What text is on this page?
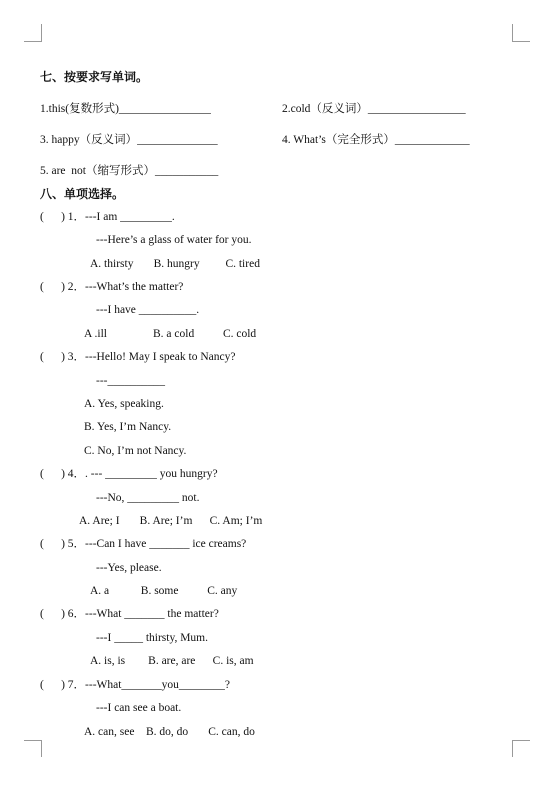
七、按要求写单词。
1.this(复数形式)________________	2.cold（反义词）_________________
3. happy（反义词）______________	4. What’s（完全形式）_____________
5. are  not（缩写形式）___________
八、单项选择。
(      ) 1．---I am _________.
---Here’s a glass of water for you.
A. thirsty       B. hungry         C. tired
(      ) 2．---What’s the matter?
---I have __________.
A .ill                B. a cold          C. cold
(      ) 3．---Hello! May I speak to Nancy?
---__________
A. Yes, speaking.
B. Yes, I’m Nancy.
C. No, I’m not Nancy.
(      ) 4．. --- _________ you hungry?
---No, _________ not.
A. Are; I       B. Are; I’m      C. Am; I’m
(      ) 5．---Can I have _______ ice creams?
---Yes, please.
A. a           B. some          C. any
(      ) 6．---What _______ the matter?
---I _____ thirsty, Mum.
A. is, is        B. are, are      C. is, am
(      ) 7．---What_______you________?
---I can see a boat.
A. can, see    B. do, do       C. can, do
